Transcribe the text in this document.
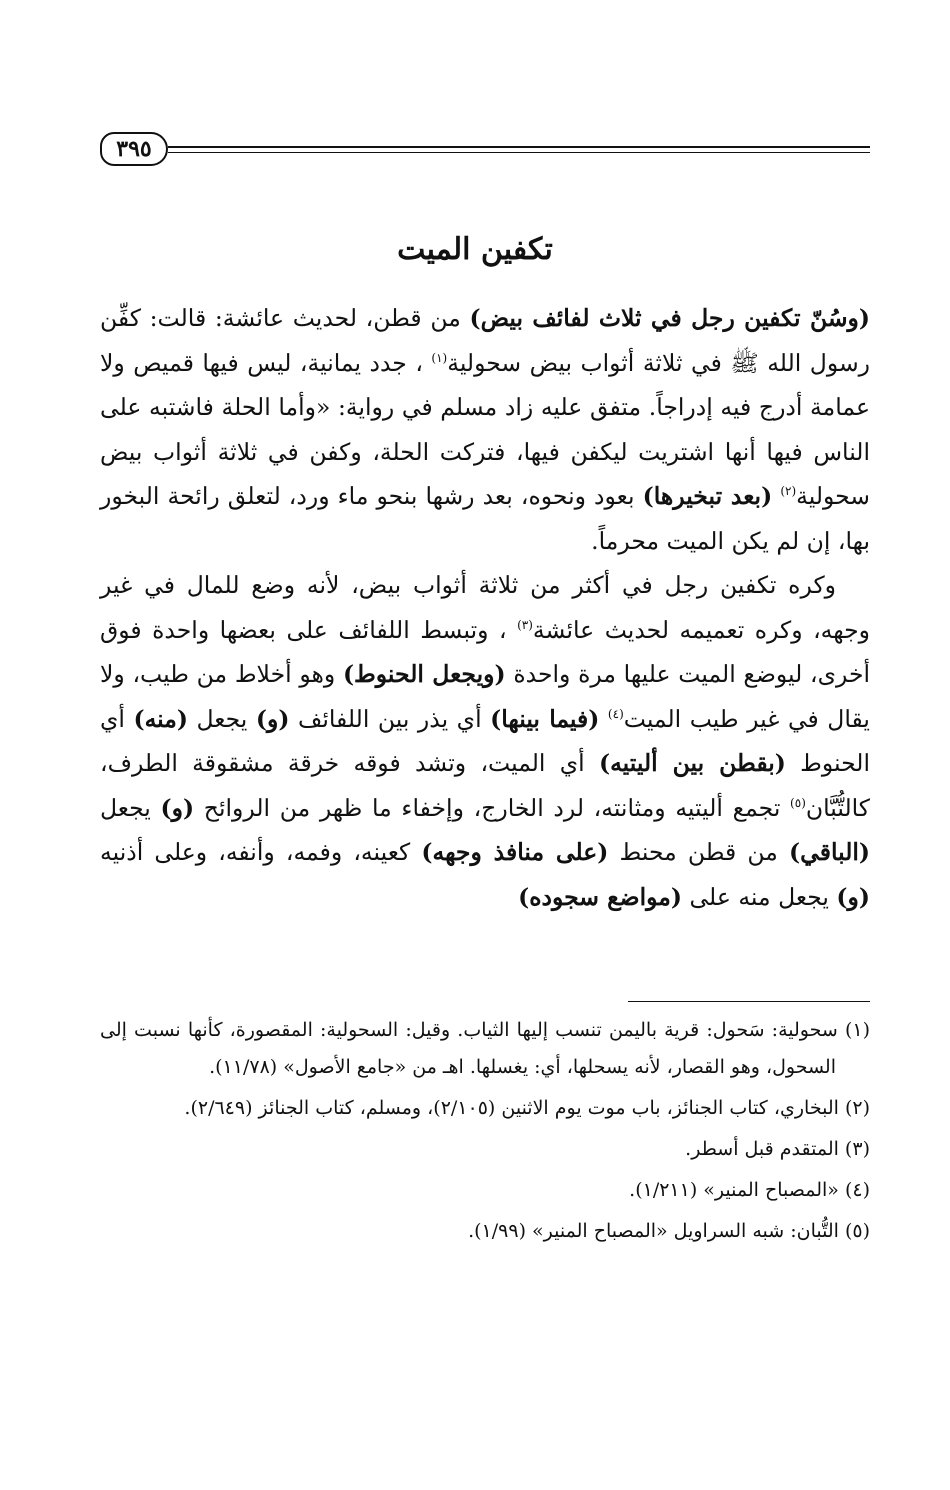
٣٩٥
تكفين الميت

(وسُنّ تكفين رجل في ثلاث لفائف بيض) من قطن، لحديث عائشة: قالت: كفِّن رسول الله ﷺ في ثلاثة أثواب بيض سحولية$^{(١)}$ ، جدد يمانية، ليس فيها قميص ولا عمامة أدرج فيه إدراجاً. متفق عليه زاد مسلم في رواية: «وأما الحلة فاشتبه على الناس فيها أنها اشتريت ليكفن فيها، فتركت الحلة، وكفن في ثلاثة أثواب بيض سحولية$^{(٢)}$ (بعد تبخيرها) بعود ونحوه، بعد رشها بنحو ماء ورد، لتعلق رائحة البخور بها، إن لم يكن الميت محرماً.

وكره تكفين رجل في أكثر من ثلاثة أثواب بيض، لأنه وضع للمال في غير وجهه، وكره تعميمه لحديث عائشة$^{(٣)}$ ، وتبسط اللفائف على بعضها واحدة فوق أخرى، ليوضع الميت عليها مرة واحدة (ويجعل الحنوط) وهو أخلاط من طيب، ولا يقال في غير طيب الميت$^{(٤)}$ (فيما بينها) أي يذر بين اللفائف (و) يجعل (منه) أي الحنوط (بقطن بين أليتيه) أي الميت، وتشد فوقه خرقة مشقوقة الطرف، كالتُّبَّان$^{(٥)}$ تجمع أليتيه ومثانته، لرد الخارج، وإخفاء ما ظهر من الروائح (و) يجعل (الباقي) من قطن محنط (على منافذ وجهه) كعينه، وفمه، وأنفه، وعلى أذنيه (و) يجعل منه على (مواضع سجوده)

(١) سحولية: سَحول: قرية باليمن تنسب إليها الثياب. وقيل: السحولية: المقصورة، كأنها نسبت إلى السحول، وهو القصار، لأنه يسحلها، أي: يغسلها. اهـ من «جامع الأصول» (١١/٧٨).

(٢) البخاري، كتاب الجنائز، باب موت يوم الاثنين (٢/١٠٥)، ومسلم، كتاب الجنائز (٢/٦٤٩).

(٣) المتقدم قبل أسطر.

(٤) «المصباح المنير» (١/٢١١).

(٥) التُّبان: شبه السراويل «المصباح المنير» (١/٩٩).
